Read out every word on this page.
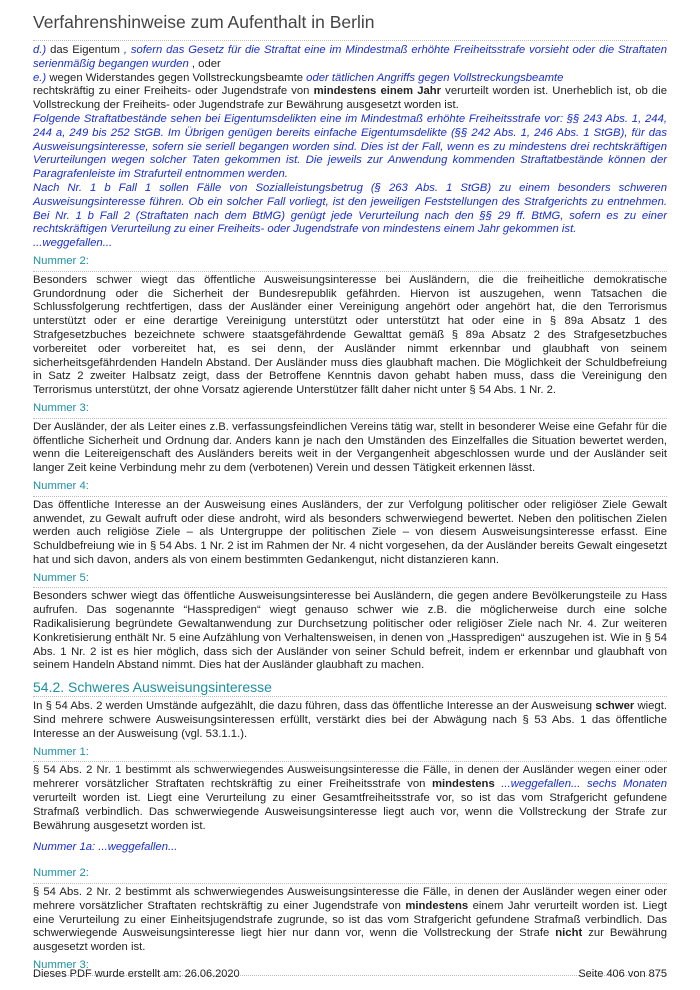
Verfahrenshinweise zum Aufenthalt in Berlin

d.) das Eigentum , sofern das Gesetz für die Straftat eine im Mindestmaß erhöhte Freiheitsstrafe vorsieht oder die Straftaten serienmäßig begangen wurden , oder

e.) wegen Widerstandes gegen Vollstreckungsbeamte oder tätlichen Angriffs gegen Vollstreckungsbeamte

rechtskräftig zu einer Freiheits- oder Jugendstrafe von mindestens einem Jahr verurteilt worden ist. Unerheblich ist, ob die Vollstreckung der Freiheits- oder Jugendstrafe zur Bewährung ausgesetzt worden ist.

Folgende Straftatbestände sehen bei Eigentumsdelikten eine im Mindestmaß erhöhte Freiheitsstrafe vor: §§ 243 Abs. 1, 244, 244 a, 249 bis 252 StGB. Im Übrigen genügen bereits einfache Eigentumsdelikte (§§ 242 Abs. 1, 246 Abs. 1 StGB), für das Ausweisungsinteresse, sofern sie seriell begangen worden sind. Dies ist der Fall, wenn es zu mindestens drei rechtskräftigen Verurteilungen wegen solcher Taten gekommen ist. Die jeweils zur Anwendung kommenden Straftatbestände können der Paragrafenleiste im Strafurteil entnommen werden.

Nach Nr. 1 b Fall 1 sollen Fälle von Sozialleistungsbetrug (§ 263 Abs. 1 StGB) zu einem besonders schweren Ausweisungsinteresse führen. Ob ein solcher Fall vorliegt, ist den jeweiligen Feststellungen des Strafgerichts zu entnehmen. Bei Nr. 1 b Fall 2 (Straftaten nach dem BtMG) genügt jede Verurteilung nach den §§ 29 ff. BtMG, sofern es zu einer rechtskräftigen Verurteilung zu einer Freiheits- oder Jugendstrafe von mindestens einem Jahr gekommen ist.

...weggefallen...

Nummer 2:

Besonders schwer wiegt das öffentliche Ausweisungsinteresse bei Ausländern, die die freiheitliche demokratische Grundordnung oder die Sicherheit der Bundesrepublik gefährden. Hiervon ist auszugehen, wenn Tatsachen die Schlussfolgerung rechtfertigen, dass der Ausländer einer Vereinigung angehört oder angehört hat, die den Terrorismus unterstützt oder er eine derartige Vereinigung unterstützt oder unterstützt hat oder eine in § 89a Absatz 1 des Strafgesetzbuches bezeichnete schwere staatsgefährdende Gewalttat gemäß § 89a Absatz 2 des Strafgesetzbuches vorbereitet oder vorbereitet hat, es sei denn, der Ausländer nimmt erkennbar und glaubhaft von seinem sicherheitsgefährdenden Handeln Abstand. Der Ausländer muss dies glaubhaft machen. Die Möglichkeit der Schuldbefreiung in Satz 2 zweiter Halbsatz zeigt, dass der Betroffene Kenntnis davon gehabt haben muss, dass die Vereinigung den Terrorismus unterstützt, der ohne Vorsatz agierende Unterstützer fällt daher nicht unter § 54 Abs. 1 Nr. 2.

Nummer 3:

Der Ausländer, der als Leiter eines z.B. verfassungsfeindlichen Vereins tätig war, stellt in besonderer Weise eine Gefahr für die öffentliche Sicherheit und Ordnung dar. Anders kann je nach den Umständen des Einzelfalles die Situation bewertet werden, wenn die Leitereigenschaft des Ausländers bereits weit in der Vergangenheit abgeschlossen wurde und der Ausländer seit langer Zeit keine Verbindung mehr zu dem (verbotenen) Verein und dessen Tätigkeit erkennen lässt.

Nummer 4:

Das öffentliche Interesse an der Ausweisung eines Ausländers, der zur Verfolgung politischer oder religiöser Ziele Gewalt anwendet, zu Gewalt aufruft oder diese androht, wird als besonders schwerwiegend bewertet. Neben den politischen Zielen werden auch religiöse Ziele – als Untergruppe der politischen Ziele – von diesem Ausweisungsinteresse erfasst. Eine Schuldbefreiung wie in § 54 Abs. 1 Nr. 2 ist im Rahmen der Nr. 4 nicht vorgesehen, da der Ausländer bereits Gewalt eingesetzt hat und sich davon, anders als von einem bestimmten Gedankengut, nicht distanzieren kann.

Nummer 5:

Besonders schwer wiegt das öffentliche Ausweisungsinteresse bei Ausländern, die gegen andere Bevölkerungsteile zu Hass aufrufen. Das sogenannte “Hasspredigen“ wiegt genauso schwer wie z.B. die möglicherweise durch eine solche Radikalisierung begründete Gewaltanwendung zur Durchsetzung politischer oder religiöser Ziele nach Nr. 4. Zur weiteren Konkretisierung enthält Nr. 5 eine Aufzählung von Verhaltensweisen, in denen von „Hasspredigen“ auszugehen ist. Wie in § 54 Abs. 1 Nr. 2 ist es hier möglich, dass sich der Ausländer von seiner Schuld befreit, indem er erkennbar und glaubhaft von seinem Handeln Abstand nimmt. Dies hat der Ausländer glaubhaft zu machen.

54.2. Schweres Ausweisungsinteresse

In § 54 Abs. 2 werden Umstände aufgezählt, die dazu führen, dass das öffentliche Interesse an der Ausweisung schwer wiegt. Sind mehrere schwere Ausweisungsinteressen erfüllt, verstärkt dies bei der Abwägung nach § 53 Abs. 1 das öffentliche Interesse an der Ausweisung (vgl. 53.1.1.).

Nummer 1:

§ 54 Abs. 2 Nr. 1 bestimmt als schwerwiegendes Ausweisungsinteresse die Fälle, in denen der Ausländer wegen einer oder mehrerer vorsätzlicher Straftaten rechtskräftig zu einer Freiheitsstrafe von mindestens ...weggefallen... sechs Monaten verurteilt worden ist. Liegt eine Verurteilung zu einer Gesamtfreiheitsstrafe vor, so ist das vom Strafgericht gefundene Strafmaß verbindlich. Das schwerwiegende Ausweisungsinteresse liegt auch vor, wenn die Vollstreckung der Strafe zur Bewährung ausgesetzt worden ist.

Nummer 1a: ...weggefallen...

Nummer 2:

§ 54 Abs. 2 Nr. 2 bestimmt als schwerwiegendes Ausweisungsinteresse die Fälle, in denen der Ausländer wegen einer oder mehrere vorsätzlicher Straftaten rechtskräftig zu einer Jugendstrafe von mindestens einem Jahr verurteilt worden ist. Liegt eine Verurteilung zu einer Einheitsjugendstrafe zugrunde, so ist das vom Strafgericht gefundene Strafmaß verbindlich. Das schwerwiegende Ausweisungsinteresse liegt hier nur dann vor, wenn die Vollstreckung der Strafe nicht zur Bewährung ausgesetzt worden ist.

Nummer 3:
Dieses PDF wurde erstellt am: 26.06.2020	Seite 406 von 875
